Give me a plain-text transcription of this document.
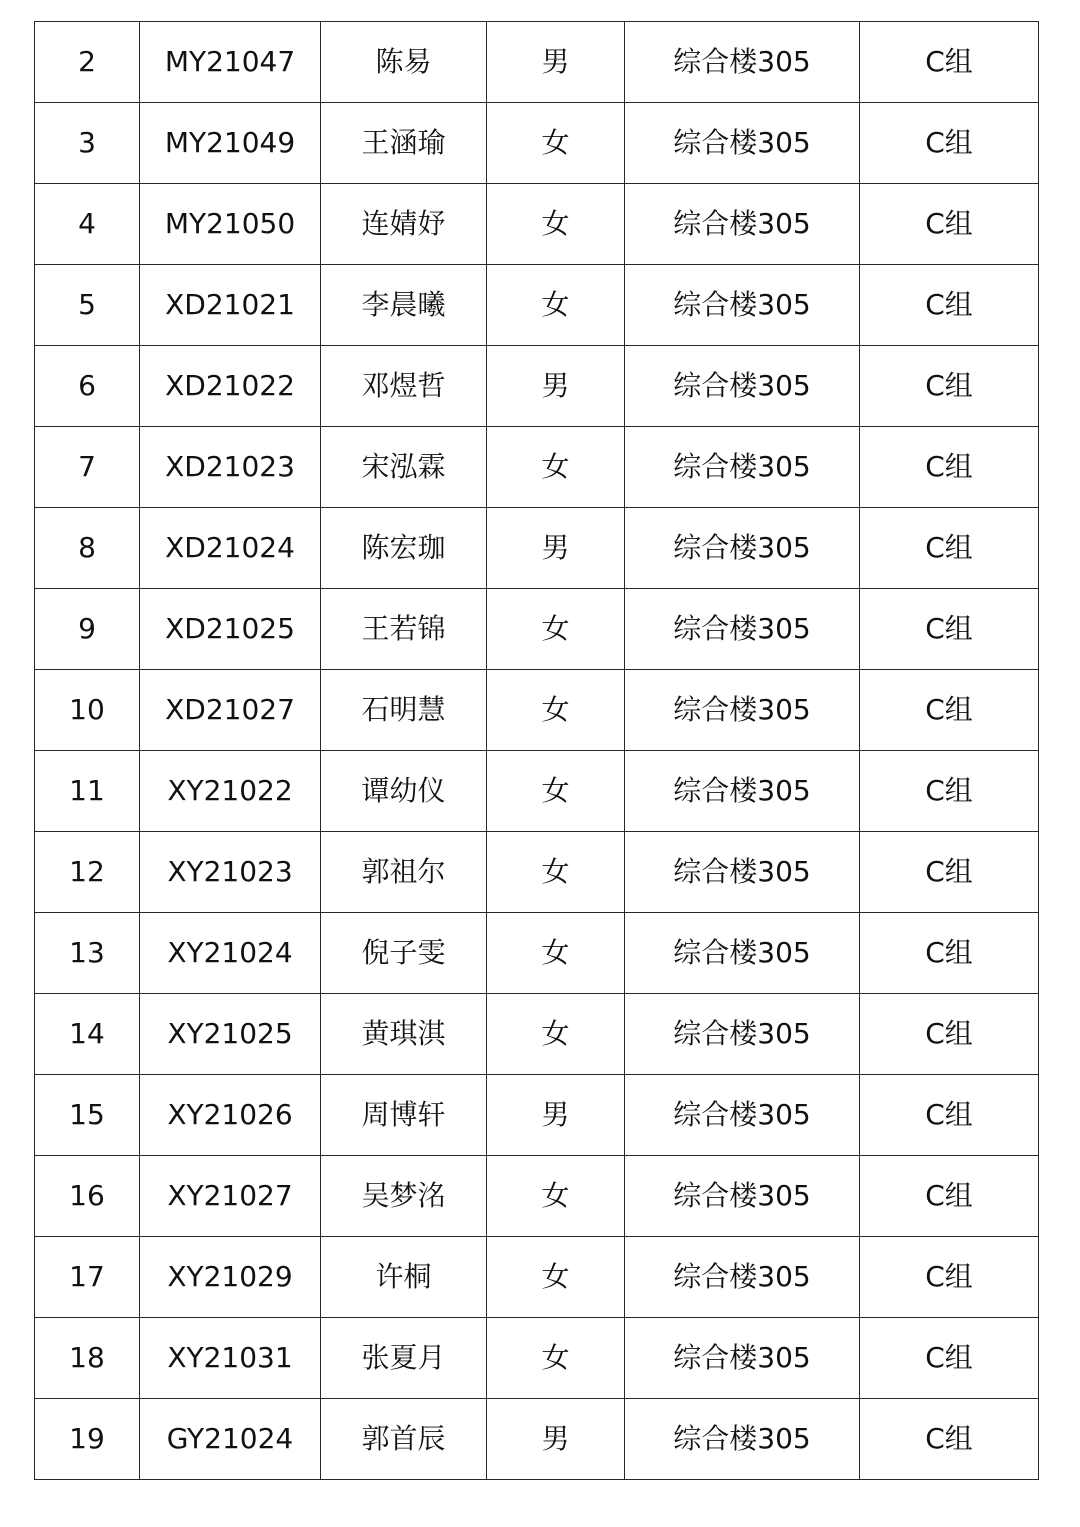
2	MY21047	陈易	男	综合楼305	C组
3	MY21049	王涵瑜	女	综合楼305	C组
4	MY21050	连婧妤	女	综合楼305	C组
5	XD21021	李晨曦	女	综合楼305	C组
6	XD21022	邓煜哲	男	综合楼305	C组
7	XD21023	宋泓霖	女	综合楼305	C组
8	XD21024	陈宏珈	男	综合楼305	C组
9	XD21025	王若锦	女	综合楼305	C组
10	XD21027	石明慧	女	综合楼305	C组
11	XY21022	谭幼仪	女	综合楼305	C组
12	XY21023	郭祖尔	女	综合楼305	C组
13	XY21024	倪子雯	女	综合楼305	C组
14	XY21025	黄琪淇	女	综合楼305	C组
15	XY21026	周博轩	男	综合楼305	C组
16	XY21027	吴梦洺	女	综合楼305	C组
17	XY21029	许桐	女	综合楼305	C组
18	XY21031	张夏月	女	综合楼305	C组
19	GY21024	郭首辰	男	综合楼305	C组
